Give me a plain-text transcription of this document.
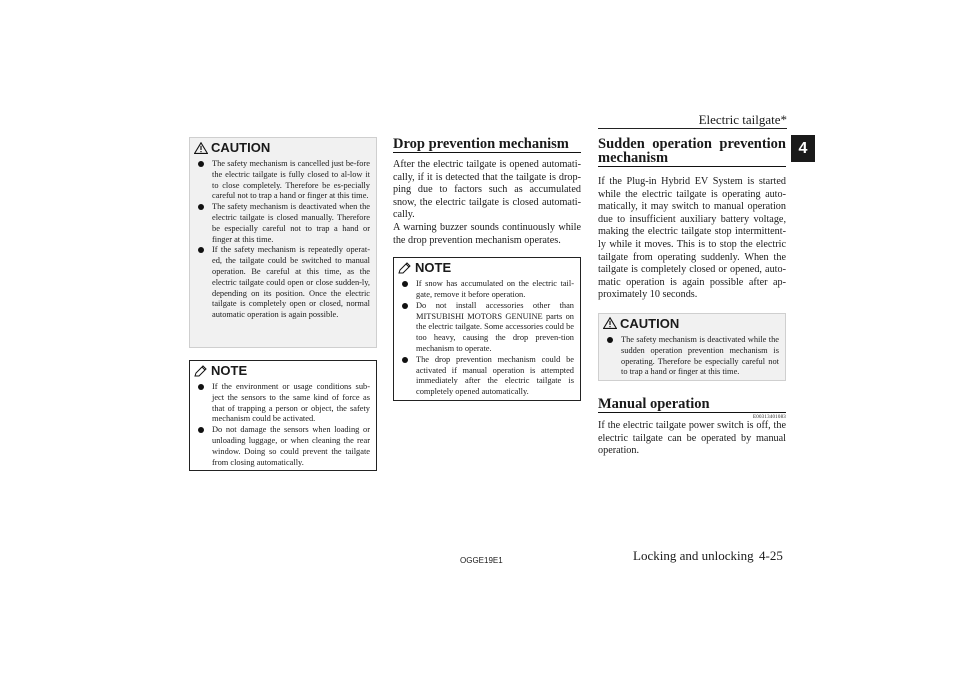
Electric tailgate*
4
CAUTION
The safety mechanism is cancelled just be-fore the electric tailgate is fully closed to al-low it to close completely. Therefore be es-pecially careful not to trap a hand or finger at this time.
The safety mechanism is deactivated when the electric tailgate is closed manually. Therefore be especially careful not to trap a hand or finger at this time.
If the safety mechanism is repeatedly operat-ed, the tailgate could be switched to manual operation. Be careful at this time, as the electric tailgate could open or close sudden-ly, depending on its position. Once the electric tailgate is completely open or closed, normal automatic operation is again possible.
NOTE
If the environment or usage conditions sub-ject the sensors to the same kind of force as that of trapping a person or object, the safety mechanism could be activated.
Do not damage the sensors when loading or unloading luggage, or when cleaning the rear window. Doing so could prevent the tailgate from closing automatically.
Drop prevention mechanism

After the electric tailgate is opened automati-cally, if it is detected that the tailgate is drop-ping due to factors such as accumulated snow, the electric tailgate is closed automati-cally.

A warning buzzer sounds continuously while the drop prevention mechanism operates.

NOTE
If snow has accumulated on the electric tail-gate, remove it before operation.
Do not install accessories other than MITSUBISHI MOTORS GENUINE parts on the electric tailgate. Some accessories could be too heavy, causing the drop preven-tion mechanism to operate.
The drop prevention mechanism could be activated if manual operation is attempted immediately after the electric tailgate is completely opened automatically.
Sudden operation prevention
mechanism

If the Plug-in Hybrid EV System is started while the electric tailgate is operating auto-matically, it may switch to manual operation due to insufficient auxiliary battery voltage, making the electric tailgate stop intermittent-ly while it moves. This is to stop the electric tailgate from operating suddenly. When the tailgate is completely closed or opened, auto-matic operation is again possible after ap-proximately 10 seconds.

CAUTION
The safety mechanism is deactivated while the sudden operation prevention mechanism is operating. Therefore be especially careful not to trap a hand or finger at this time.
Manual operation
E00313401083

If the electric tailgate power switch is off, the electric tailgate can be operated by manual operation.

OGGE19E1	Locking and unlocking 4-25
